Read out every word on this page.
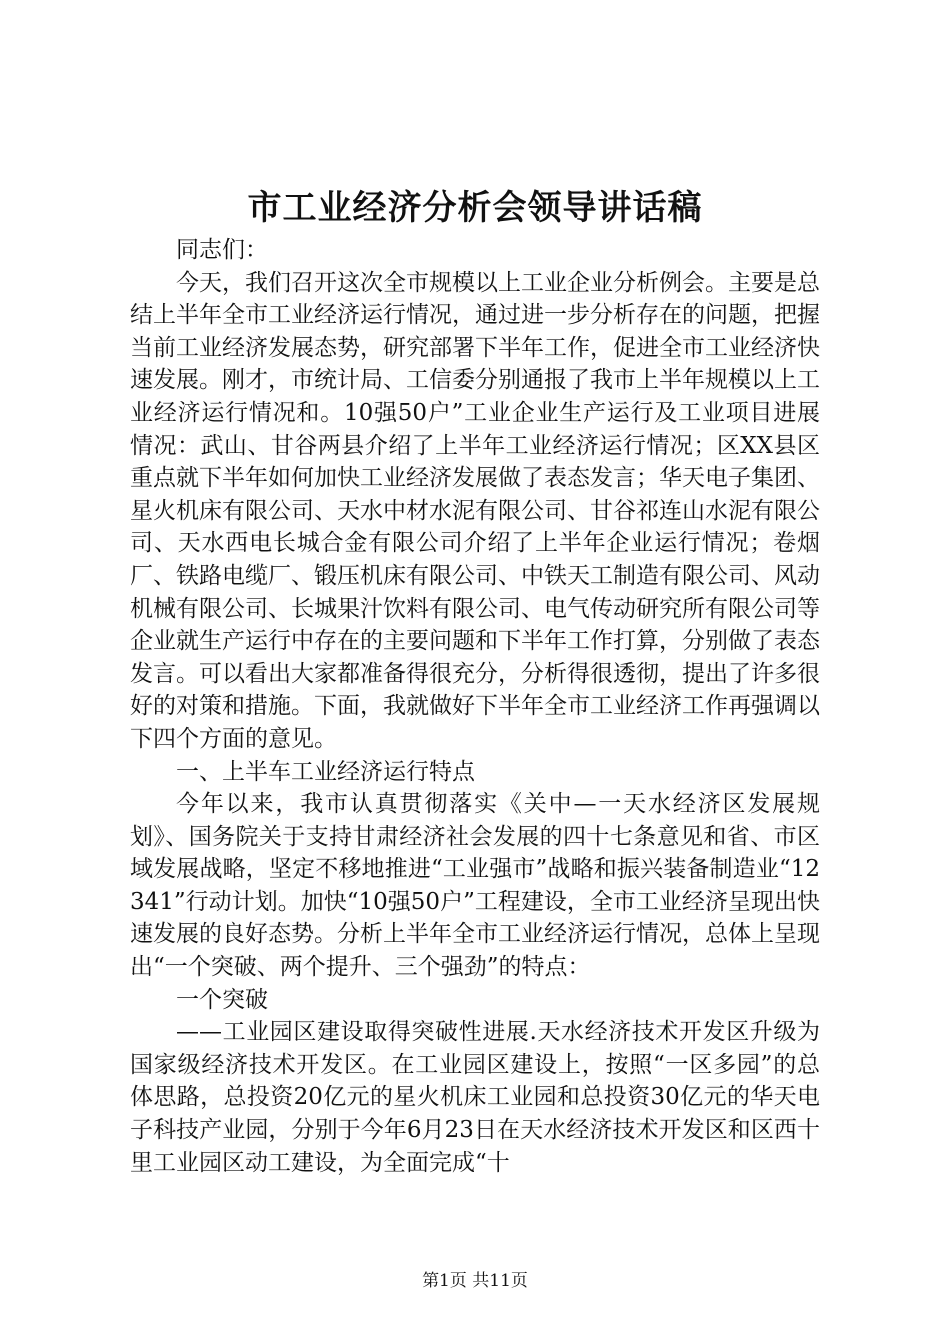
市工业经济分析会领导讲话稿

同志们：

今天，我们召开这次全市规模以上工业企业分析例会。主要是总结上半年全市工业经济运行情况，通过进一步分析存在的问题，把握当前工业经济发展态势，研究部署下半年工作，促进全市工业经济快速发展。刚才，市统计局、工信委分别通报了我市上半年规模以上工业经济运行情况和。10强50户”工业企业生产运行及工业项目进展情况：武山、甘谷两县介绍了上半年工业经济运行情况；区XX县区重点就下半年如何加快工业经济发展做了表态发言；华天电子集团、星火机床有限公司、天水中材水泥有限公司、甘谷祁连山水泥有限公司、天水西电长城合金有限公司介绍了上半年企业运行情况；卷烟厂、铁路电缆厂、锻压机床有限公司、中铁天工制造有限公司、风动机械有限公司、长城果汁饮料有限公司、电气传动研究所有限公司等企业就生产运行中存在的主要问题和下半年工作打算，分别做了表态发言。可以看出大家都准备得很充分，分析得很透彻，提出了许多很好的对策和措施。下面，我就做好下半年全市工业经济工作再强调以下四个方面的意见。

一、上半车工业经济运行特点

今年以来，我市认真贯彻落实《关中—一天水经济区发展规划》、国务院关于支持甘肃经济社会发展的四十七条意见和省、市区域发展战略，坚定不移地推进“工业强市”战略和振兴装备制造业“12341”行动计划。加快“10强50户”工程建设，全市工业经济呈现出快速发展的良好态势。分析上半年全市工业经济运行情况，总体上呈现出“一个突破、两个提升、三个强劲”的特点：

一个突破

——工业园区建设取得突破性进展.天水经济技术开发区升级为国家级经济技术开发区。在工业园区建设上，按照“一区多园”的总体思路，总投资20亿元的星火机床工业园和总投资30亿元的华天电子科技产业园，分别于今年6月23日在天水经济技术开发区和区西十里工业园区动工建设，为全面完成“十

第1页 共11页
